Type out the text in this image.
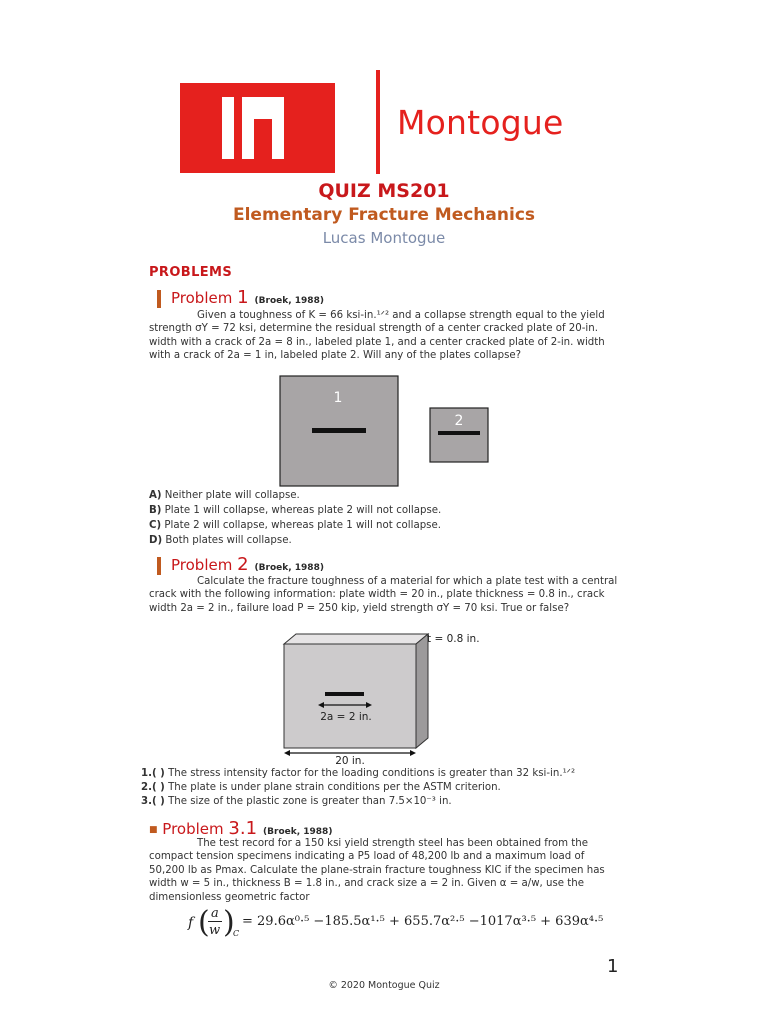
Montogue
QUIZ MS201
Elementary Fracture Mechanics
Lucas Montogue
PROBLEMS
Problem 1 (Broek, 1988)
Given a toughness of K = 66 ksi-in.¹ᐟ² and a collapse strength equal to the yield strength σY = 72 ksi, determine the residual strength of a center cracked plate of 20-in. width with a crack of 2a = 8 in., labeled plate 1, and a center cracked plate of 2-in. width with a crack of 2a = 1 in, labeled plate 2. Will any of the plates collapse?
1
2
A) Neither plate will collapse.
B) Plate 1 will collapse, whereas plate 2 will not collapse.
C) Plate 2 will collapse, whereas plate 1 will not collapse.
D) Both plates will collapse.
Problem 2 (Broek, 1988)
Calculate the fracture toughness of a material for which a plate test with a central crack with the following information: plate width = 20 in., plate thickness = 0.8 in., crack width 2a = 2 in., failure load P = 250 kip, yield strength σY = 70 ksi. True or false?
2a = 2 in.
20 in.
t = 0.8 in.
1.( ) The stress intensity factor for the loading conditions is greater than 32 ksi-in.¹ᐟ²
2.( ) The plate is under plane strain conditions per the ASTM criterion.
3.( ) The size of the plastic zone is greater than 7.5×10⁻³ in.
■ Problem 3.1 (Broek, 1988)
The test record for a 150 ksi yield strength steel has been obtained from the compact tension specimens indicating a P5 load of 48,200 lb and a maximum load of 50,200 lb as Pmax. Calculate the plane-strain fracture toughness KIC if the specimen has width w = 5 in., thickness B = 1.8 in., and crack size a = 2 in. Given α = a/w, use the dimensionless geometric factor
f ( a
w )
C
= 29.6α⁰·⁵ −185.5α¹·⁵ + 655.7α²·⁵ −1017α³·⁵ + 639α⁴·⁵
1
© 2020 Montogue Quiz
